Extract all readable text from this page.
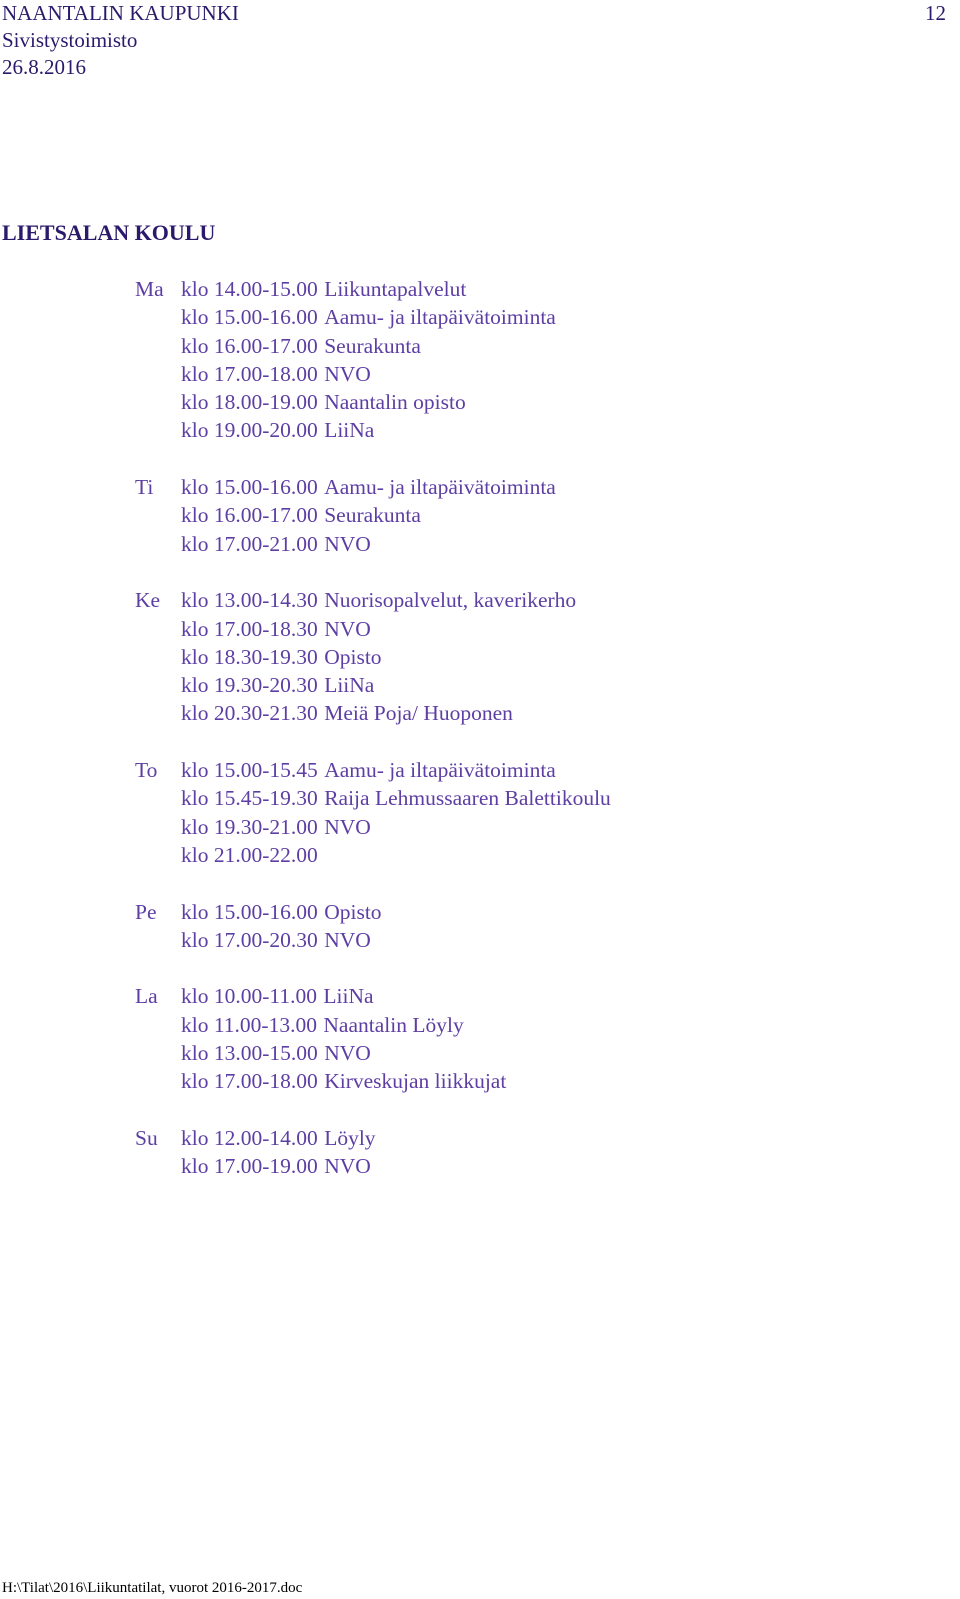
NAANTALIN KAUPUNKI
Sivistystoimisto
26.8.2016
12
LIETSALAN KOULU
Ma klo 14.00-15.00 Liikuntapalvelut
klo 15.00-16.00 Aamu- ja iltapäivätoiminta
klo 16.00-17.00 Seurakunta
klo 17.00-18.00 NVO
klo 18.00-19.00 Naantalin opisto
klo 19.00-20.00 LiiNa
Ti	klo 15.00-16.00 Aamu- ja iltapäivätoiminta
klo 16.00-17.00 Seurakunta
klo 17.00-21.00 NVO
Ke klo 13.00-14.30 Nuorisopalvelut, kaverikerho
klo 17.00-18.30 NVO
klo 18.30-19.30 Opisto
klo 19.30-20.30 LiiNa
klo 20.30-21.30 Meiä Poja/ Huoponen
To	klo 15.00-15.45 Aamu- ja iltapäivätoiminta
klo 15.45-19.30 Raija Lehmussaaren Balettikoulu
klo 19.30-21.00 NVO
klo 21.00-22.00
Pe	klo 15.00-16.00 Opisto
klo 17.00-20.30 NVO
La	klo 10.00-11.00 LiiNa
klo 11.00-13.00 Naantalin Löyly
klo 13.00-15.00 NVO
klo 17.00-18.00 Kirveskujan liikkujat
Su	klo 12.00-14.00 Löyly
klo 17.00-19.00 NVO
H:\Tilat\2016\Liikuntatilat, vuorot 2016-2017.doc
